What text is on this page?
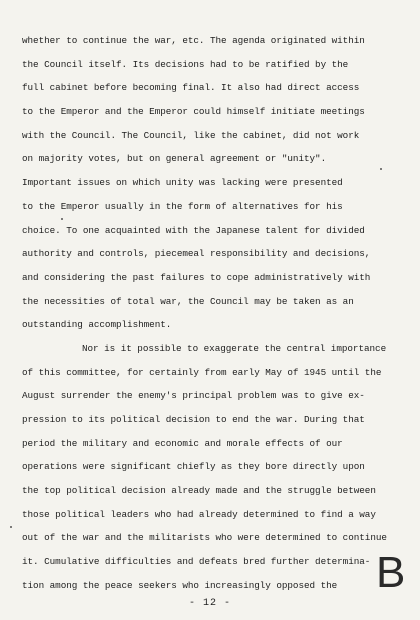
whether to continue the war, etc. The agenda originated within
the Council itself. Its decisions had to be ratified by the
full cabinet before becoming final. It also had direct access
to the Emperor and the Emperor could himself initiate meetings
with the Council. The Council, like the cabinet, did not work
on majority votes, but on general agreement or "unity".
Important issues on which unity was lacking were presented
to the Emperor usually in the form of alternatives for his
choice. To one acquainted with the Japanese talent for divided
authority and controls, piecemeal responsibility and decisions,
and considering the past failures to cope administratively with
the necessities of total war, the Council may be taken as an
outstanding accomplishment.
Nor is it possible to exaggerate the central importance
of this committee, for certainly from early May of 1945 until the
August surrender the enemy's principal problem was to give ex-
pression to its political decision to end the war. During that
period the military and economic and morale effects of our
operations were significant chiefly as they bore directly upon
the top political decision already made and the struggle between
those political leaders who had already determined to find a way
out of the war and the militarists who were determined to continue
it. Cumulative difficulties and defeats bred further determina-
tion among the peace seekers who increasingly opposed the B
- 12 -
